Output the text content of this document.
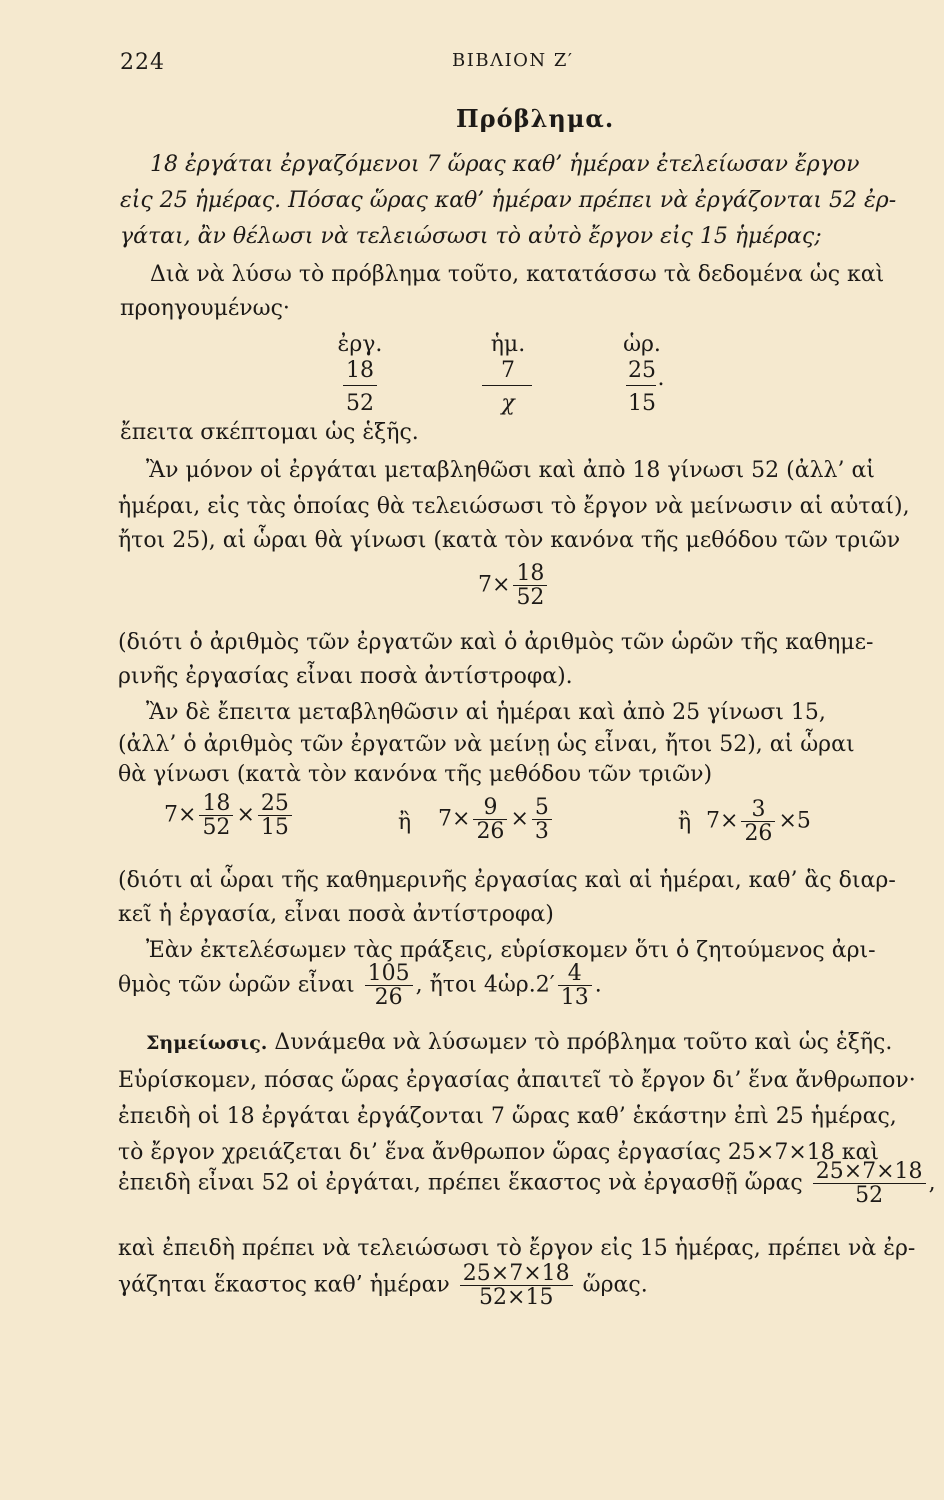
224	ΒΙΒΛΙΟΝ Ζ′
Πρόβλημα.
18 ἐργάται ἐργαζόμενοι 7 ὥρας καθ’ ἡμέραν ἐτελείωσαν ἔργον
εἰς 25 ἡμέρας. Πόσας ὥρας καθ’ ἡμέραν πρέπει νὰ ἐργάζονται 52 ἐρ-
γάται, ἂν θέλωσι νὰ τελειώσωσι τὸ αὐτὸ ἔργον εἰς 15 ἡμέρας;
Διὰ νὰ λύσω τὸ πρόβλημα τοῦτο, κατατάσσω τὰ δεδομένα ὡς καὶ
προηγουμένως·
ἐργ.	ἡμ.	ὡρ.
18	7	25 .
52	χ	15
ἔπειτα σκέπτομαι ὡς ἑξῆς.
Ἂν μόνον οἱ ἐργάται μεταβληθῶσι καὶ ἀπὸ 18 γίνωσι 52 (ἀλλ’ αἱ
ἡμέραι, εἰς τὰς ὁποίας θὰ τελειώσωσι τὸ ἔργον νὰ μείνωσιν αἱ αὐταί),
ἤτοι 25), αἱ ὧραι θὰ γίνωσι (κατὰ τὸν κανόνα τῆς μεθόδου τῶν τριῶν
$7\times \frac{18}{52}$
(διότι ὁ ἀριθμὸς τῶν ἐργατῶν καὶ ὁ ἀριθμὸς τῶν ὡρῶν τῆς καθημε-
ρινῆς ἐργασίας εἶναι ποσὰ ἀντίστροφα).
Ἂν δὲ ἔπειτα μεταβληθῶσιν αἱ ἡμέραι καὶ ἀπὸ 25 γίνωσι 15,
(ἀλλ’ ὁ ἀριθμὸς τῶν ἐργατῶν νὰ μείνῃ ὡς εἶναι, ἤτοι 52), αἱ ὧραι
θὰ γίνωσι (κατὰ τὸν κανόνα τῆς μεθόδου τῶν τριῶν)
$7\times \frac{18}{52} \times \frac{25}{15}$	ἢ $7\times \frac{9}{26} \times \frac{5}{3}$	ἢ $7\times \frac{3}{26} \times 5$
(διότι αἱ ὧραι τῆς καθημερινῆς ἐργασίας καὶ αἱ ἡμέραι, καθ’ ἃς διαρ-
κεῖ ἡ ἐργασία, εἶναι ποσὰ ἀντίστροφα)
Ἐὰν ἐκτελέσωμεν τὰς πράξεις, εὑρίσκομεν ὅτι ὁ ζητούμενος ἀρι-
θμὸς τῶν ὡρῶν εἶναι $\frac{105}{26}$ , ἤτοι 4ὡρ.2′ $\frac{4}{13}$ .
Σημείωσις. Δυνάμεθα νὰ λύσωμεν τὸ πρόβλημα τοῦτο καὶ ὡς ἑξῆς.
Εὑρίσκομεν, πόσας ὥρας ἐργασίας ἀπαιτεῖ τὸ ἔργον δι’ ἕνα ἄνθρωπον·
ἐπειδὴ οἱ 18 ἐργάται ἐργάζονται 7 ὥρας καθ’ ἑκάστην ἐπὶ 25 ἡμέρας,
τὸ ἔργον χρειάζεται δι’ ἕνα ἄνθρωπον ὥρας ἐργασίας 25×7×18 καὶ
ἐπειδὴ εἶναι 52 οἱ ἐργάται, πρέπει ἕκαστος νὰ ἐργασθῇ ὥρας $\frac{25\times 7\times 18}{52}$ ,
καὶ ἐπειδὴ πρέπει νὰ τελειώσωσι τὸ ἔργον εἰς 15 ἡμέρας, πρέπει νὰ ἐρ-
γάζηται ἕκαστος καθ’ ἡμέραν $\frac{25\times 7\times 18}{52\times 15}$ ὥρας.
